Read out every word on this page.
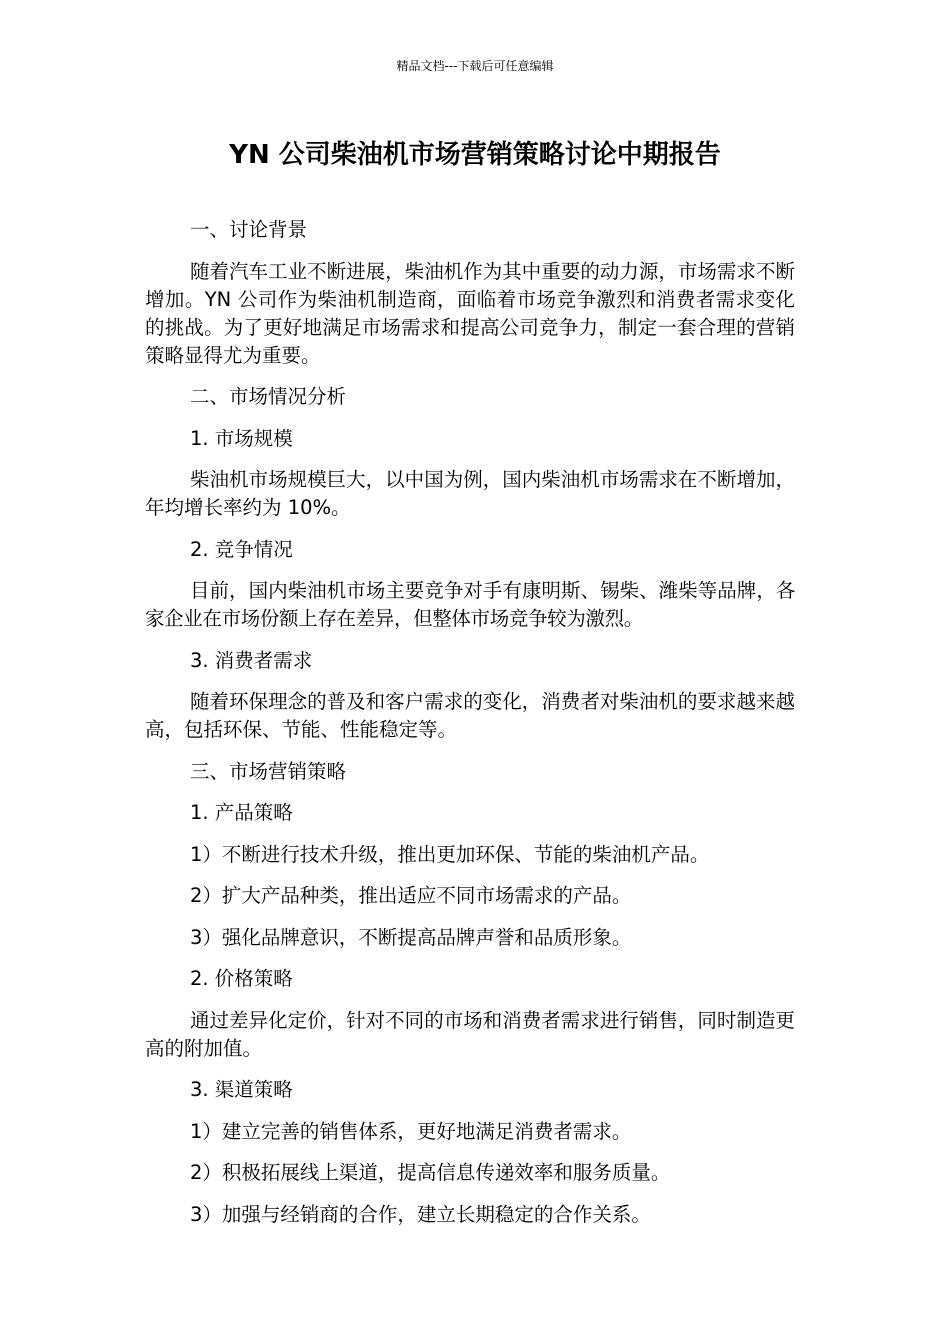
精品文档---下载后可任意编辑
YN 公司柴油机市场营销策略讨论中期报告

一、讨论背景

随着汽车工业不断进展，柴油机作为其中重要的动力源，市场需求不断增加。YN 公司作为柴油机制造商，面临着市场竞争激烈和消费者需求变化的挑战。为了更好地满足市场需求和提高公司竞争力，制定一套合理的营销策略显得尤为重要。

二、市场情况分析

1. 市场规模

柴油机市场规模巨大，以中国为例，国内柴油机市场需求在不断增加，年均增长率约为 10%。

2. 竞争情况

目前，国内柴油机市场主要竞争对手有康明斯、锡柴、潍柴等品牌，各家企业在市场份额上存在差异，但整体市场竞争较为激烈。

3. 消费者需求

随着环保理念的普及和客户需求的变化，消费者对柴油机的要求越来越高，包括环保、节能、性能稳定等。

三、市场营销策略

1. 产品策略

1）不断进行技术升级，推出更加环保、节能的柴油机产品。

2）扩大产品种类，推出适应不同市场需求的产品。

3）强化品牌意识，不断提高品牌声誉和品质形象。

2. 价格策略

通过差异化定价，针对不同的市场和消费者需求进行销售，同时制造更高的附加值。

3. 渠道策略

1）建立完善的销售体系，更好地满足消费者需求。

2）积极拓展线上渠道，提高信息传递效率和服务质量。

3）加强与经销商的合作，建立长期稳定的合作关系。
